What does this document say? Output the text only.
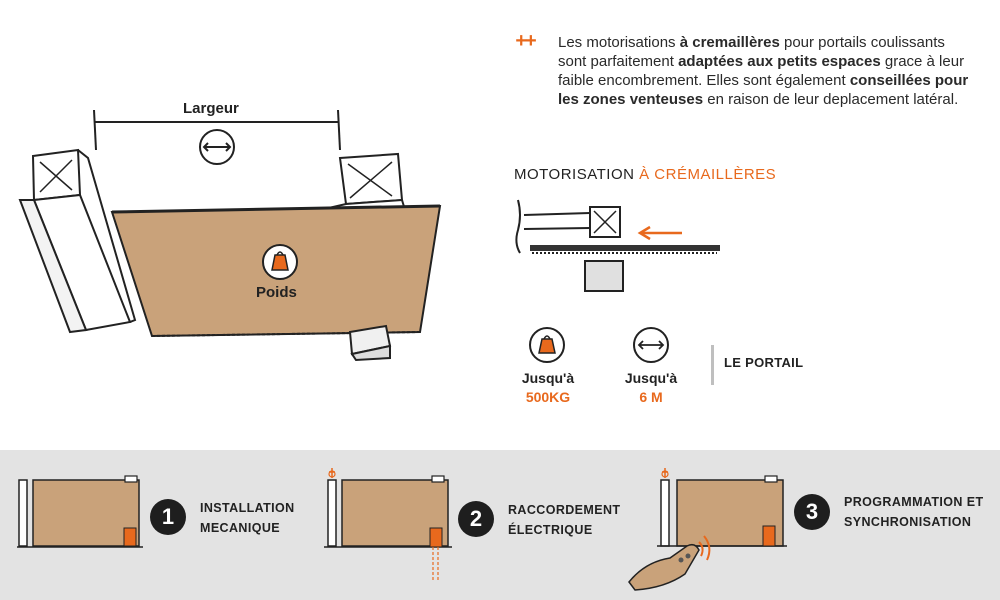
Largeur
Poids
++ Les motorisations à cremaillères pour portails coulissants sont parfaitement adaptées aux petits espaces grace à leur faible encombrement. Elles sont également conseillées pour les zones venteuses en raison de leur deplacement latéral.

MOTORISATION À CRÉMAILLÈRES
Jusqu'à
500KG
Jusqu'à
6 M
LE PORTAIL
1	INSTALLATION
MECANIQUE	2	RACCORDEMENT
ÉLECTRIQUE
3	PROGRAMMATION ET
SYNCHRONISATION
